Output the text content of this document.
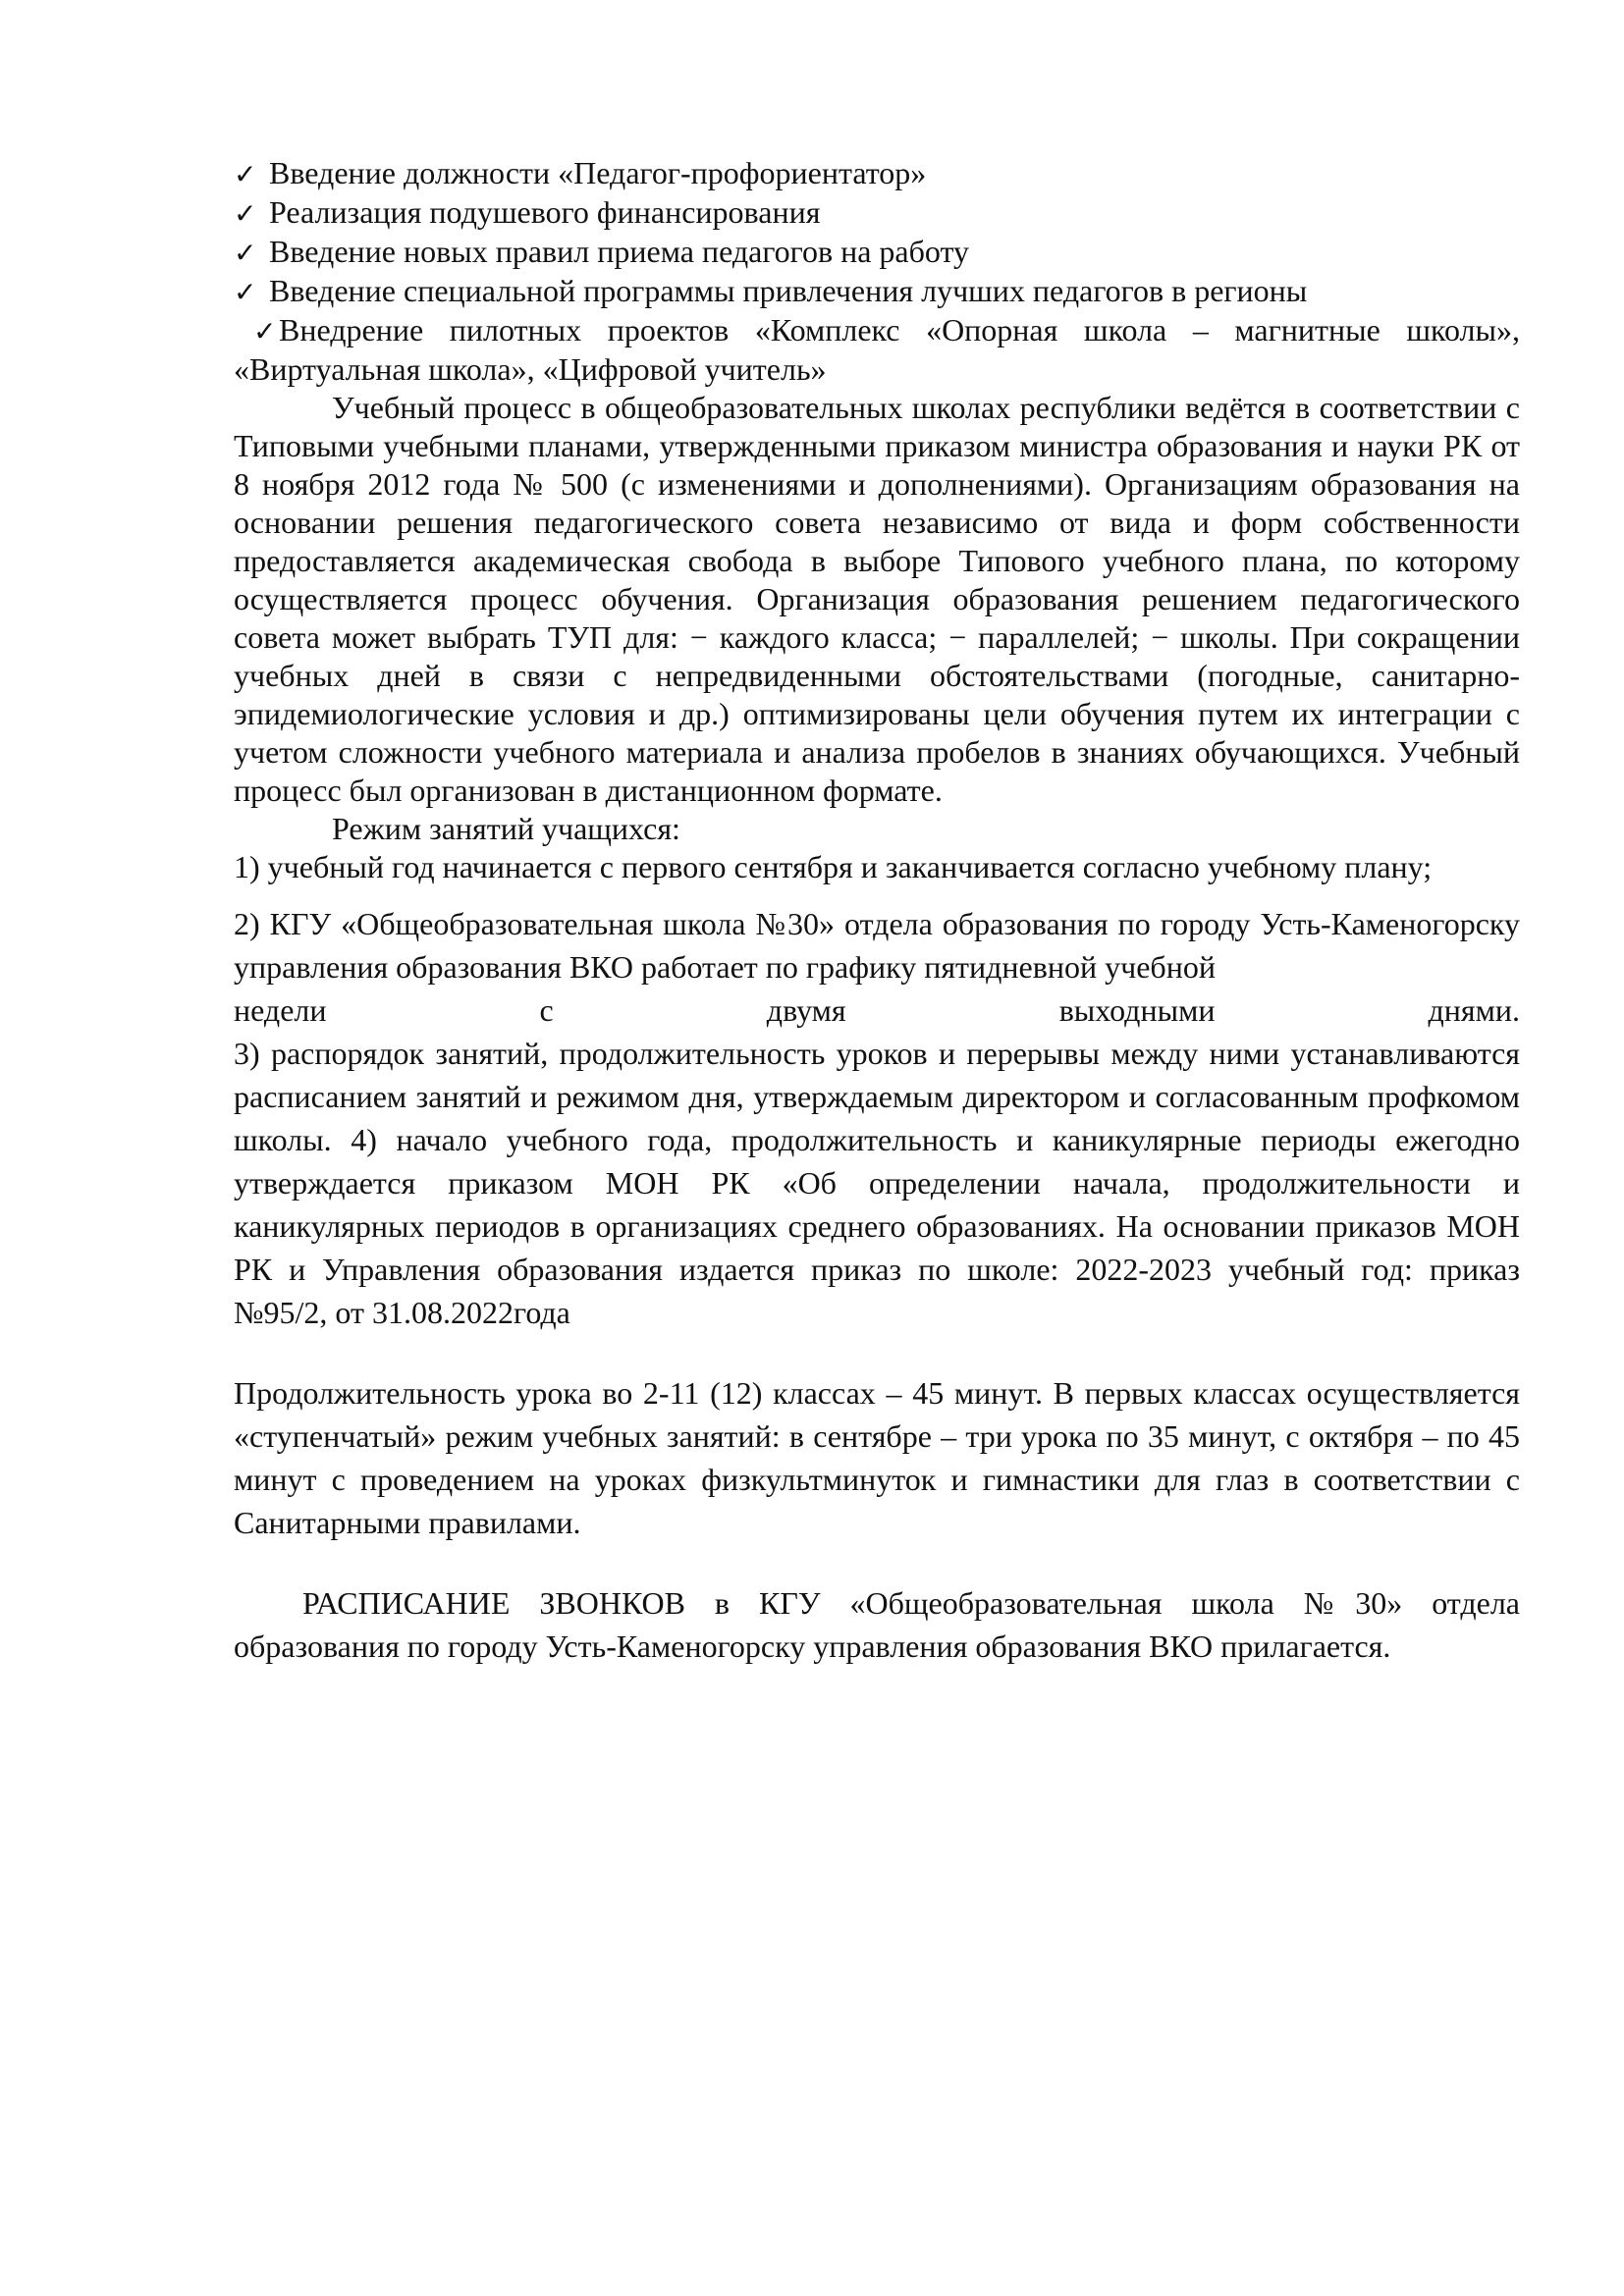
✓ Введение должности «Педагог-профориентатор»
✓ Реализация подушевого финансирования
✓ Введение новых правил приема педагогов на работу
✓ Введение специальной программы привлечения лучших педагогов в регионы

✓Внедрение пилотных проектов «Комплекс «Опорная школа – магнитные школы», «Виртуальная школа», «Цифровой учитель»

Учебный процесс в общеобразовательных школах республики ведётся в соответствии с Типовыми учебными планами, утвержденными приказом министра образования и науки РК от 8 ноября 2012 года № 500 (с изменениями и дополнениями). Организациям образования на основании решения педагогического совета независимо от вида и форм собственности предоставляется академическая свобода в выборе Типового учебного плана, по которому осуществляется процесс обучения. Организация образования решением педагогического совета может выбрать ТУП для: − каждого класса; − параллелей; − школы. При сокращении учебных дней в связи с непредвиденными обстоятельствами (погодные, санитарно-эпидемиологические условия и др.) оптимизированы цели обучения путем их интеграции с учетом сложности учебного материала и анализа пробелов в знаниях обучающихся. Учебный процесс был организован в дистанционном формате.

Режим занятий учащихся:

1) учебный год начинается с первого сентября и заканчивается согласно учебному плану;

2) КГУ «Общеобразовательная школа №30» отдела образования по городу Усть-Каменогорску управления образования ВКО работает по графику пятидневной учебной

недели с двумя выходными днями.

3) распорядок занятий, продолжительность уроков и перерывы между ними устанавливаются расписанием занятий и режимом дня, утверждаемым директором и согласованным профкомом школы. 4) начало учебного года, продолжительность и каникулярные периоды ежегодно утверждается приказом МОН РК «Об определении начала, продолжительности и каникулярных периодов в организациях среднего образованиях. На основании приказов МОН РК и Управления образования издается приказ по школе: 2022-2023 учебный год: приказ №95/2, от 31.08.2022года

Продолжительность урока во 2-11 (12) классах – 45 минут. В первых классах осуществляется «ступенчатый» режим учебных занятий: в сентябре – три урока по 35 минут, с октября – по 45 минут с проведением на уроках физкультминуток и гимнастики для глаз в соответствии с Санитарными правилами.

РАСПИСАНИЕ ЗВОНКОВ в КГУ «Общеобразовательная школа №30» отдела образования по городу Усть-Каменогорску управления образования ВКО прилагается.
